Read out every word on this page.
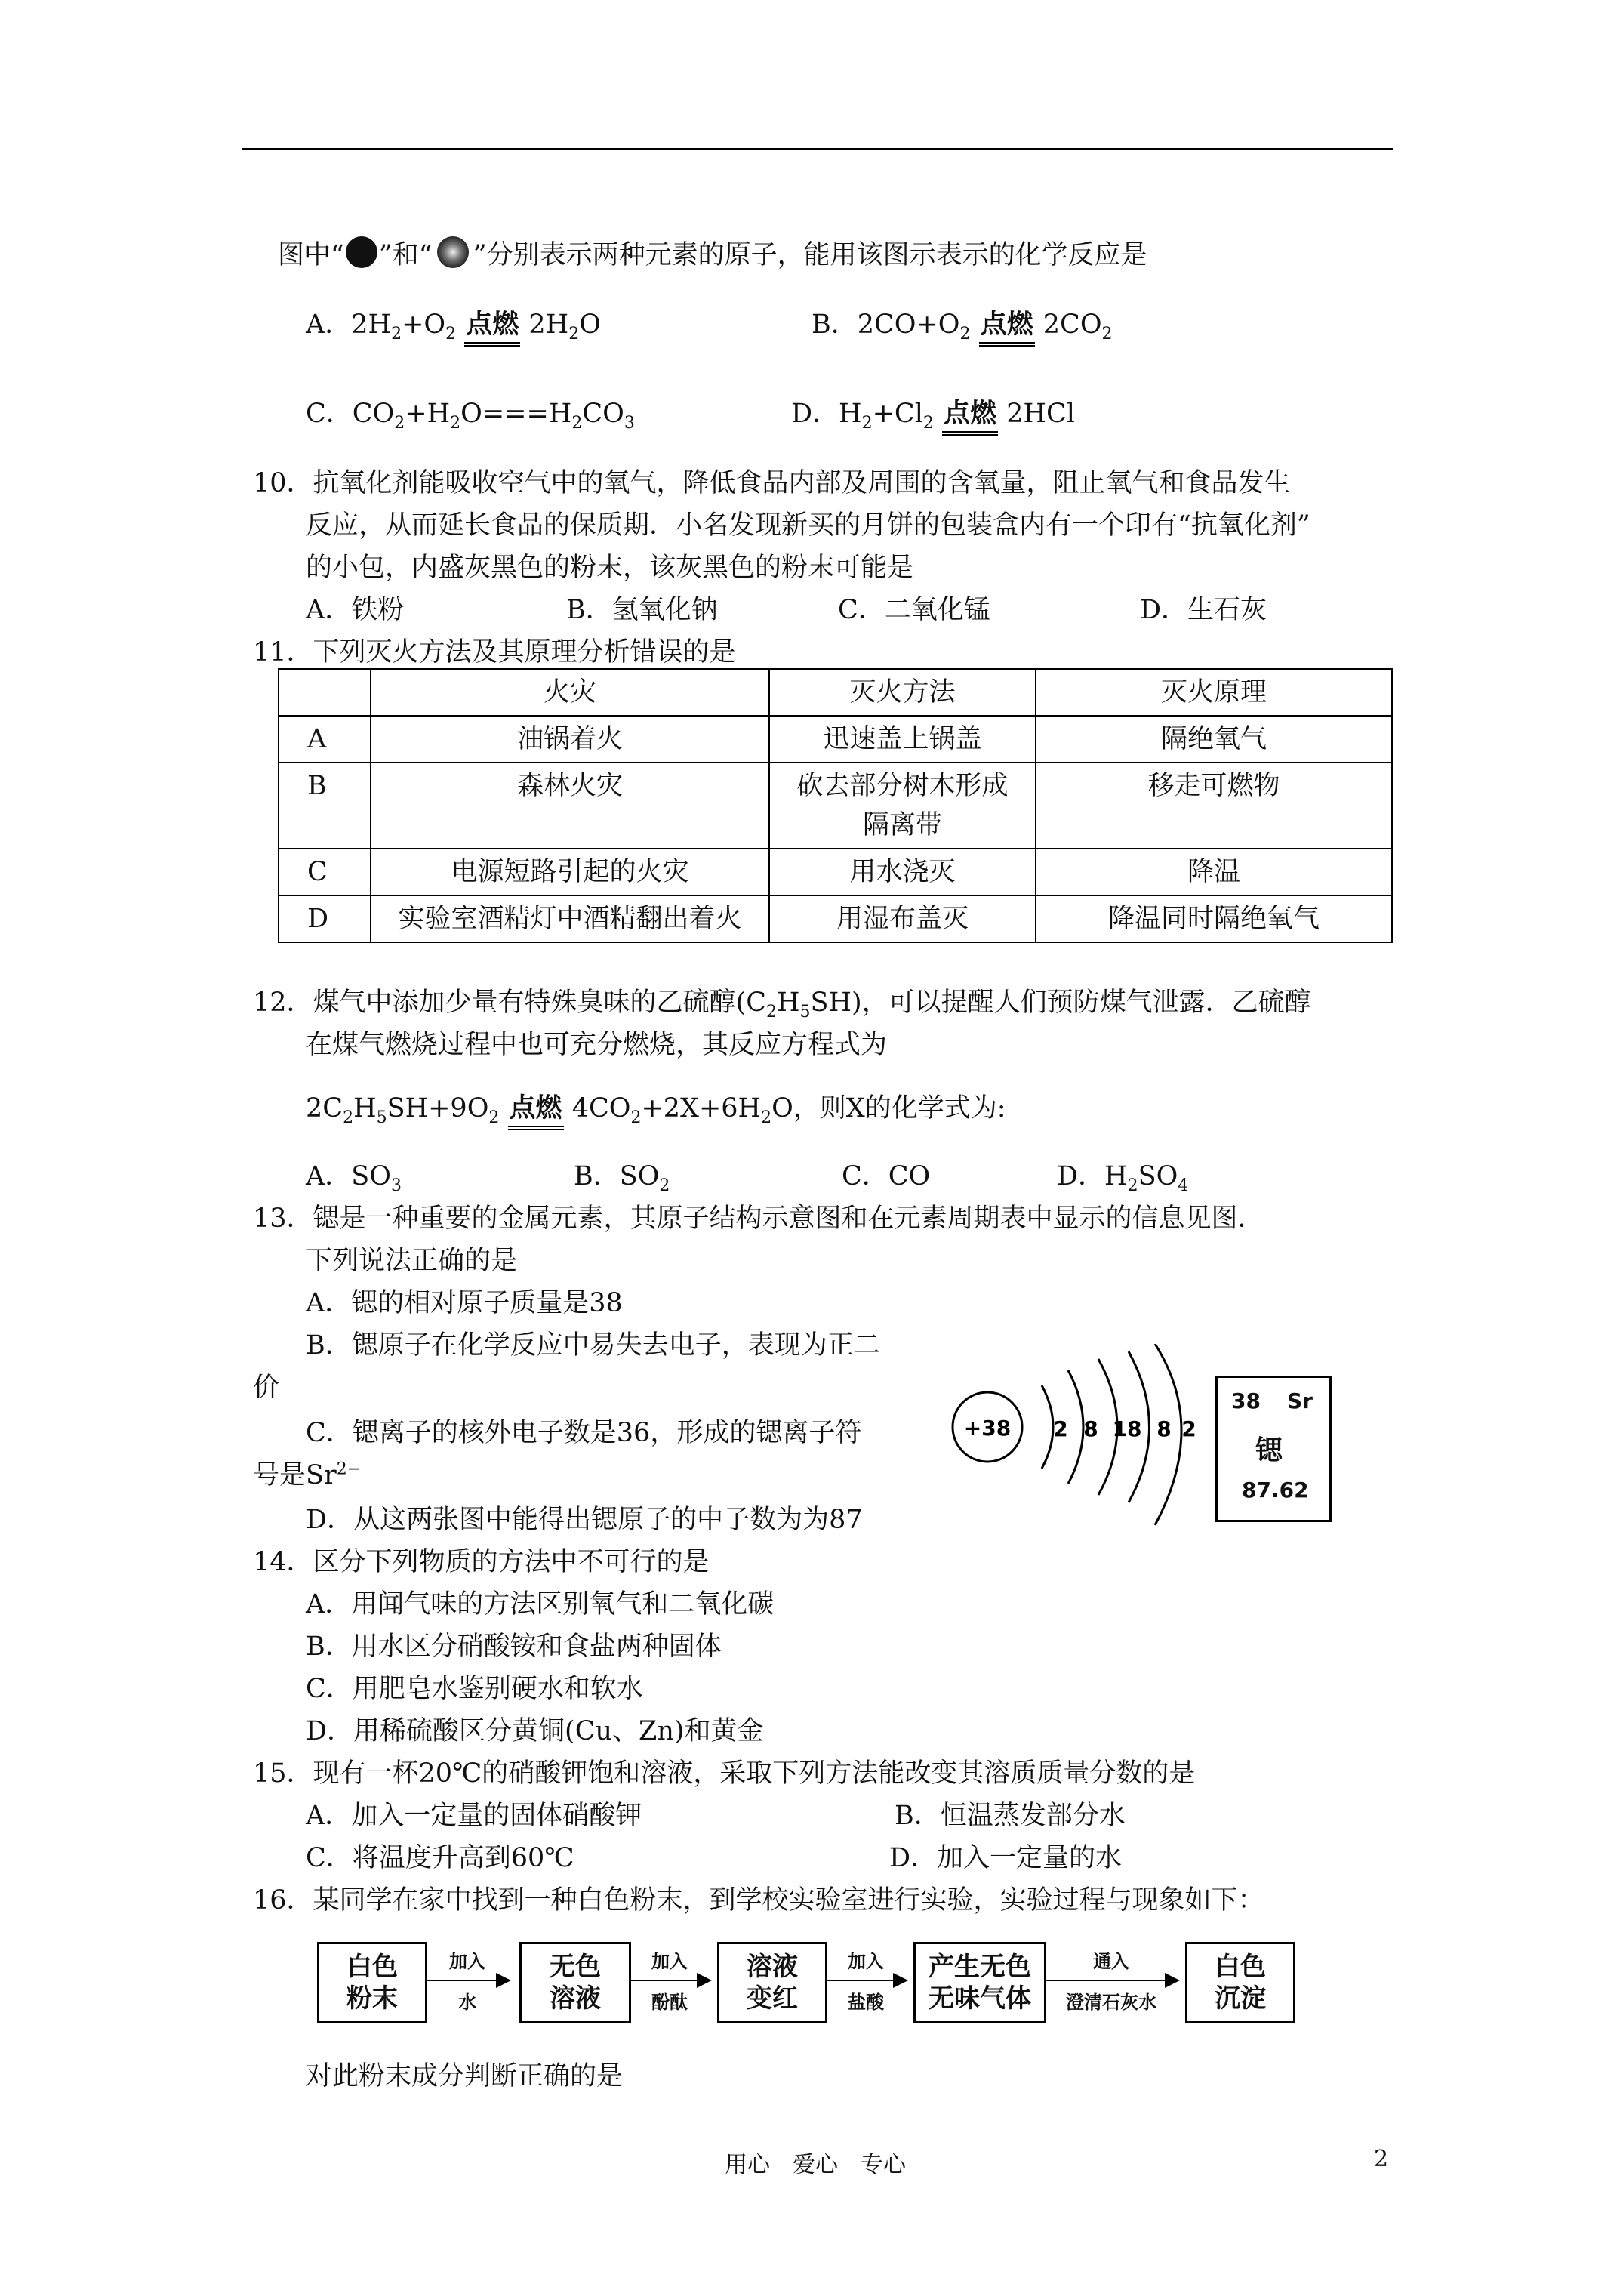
图中“ ”和“ ”分别表示两种元素的原子，能用该图示表示的化学反应是
A．$2H_2+O_2$ 点燃 $2H_2O$	B．$2CO+O_2$ 点燃 $2CO_2$
C．$CO_2+H_2O===H_2CO_3$	D．$H_2+Cl_2$ 点燃 2HCl
10．抗氧化剂能吸收空气中的氧气，降低食品内部及周围的含氧量，阻止氧气和食品发生
反应，从而延长食品的保质期．小名发现新买的月饼的包装盒内有一个印有“抗氧化剂”
的小包，内盛灰黑色的粉末，该灰黑色的粉末可能是
A．铁粉	B．氢氧化钠	C．二氧化锰	D．生石灰
11．下列灭火方法及其原理分析错误的是
	火灾	灭火方法	灭火原理
A	油锅着火	迅速盖上锅盖	隔绝氧气
B	森林火灾	砍去部分树木形成隔离带	移走可燃物
C	电源短路引起的火灾	用水浇灭	降温
D	实验室酒精灯中酒精翻出着火	用湿布盖灭	降温同时隔绝氧气
12．煤气中添加少量有特殊臭味的乙硫醇$(C_2H_5SH)$，可以提醒人们预防煤气泄露．乙硫醇
在煤气燃烧过程中也可充分燃烧，其反应方程式为
$2C_2H_5SH+9O_2$ 点燃 $4CO_2+2X+6H_2O$，则X的化学式为:
A．$SO_3$	B．$SO_2$	C．CO	D．$H_2SO_4$
13．锶是一种重要的金属元素，其原子结构示意图和在元素周期表中显示的信息见图．
下列说法正确的是
A．锶的相对原子质量是38
B．锶原子在化学反应中易失去电子，表现为正二
价
C．锶离子的核外电子数是36，形成的锶离子符
号是$Sr^{2-}$
D．从这两张图中能得出锶原子的中子数为为87
+38 2 8 18 8 2
38 Sr
锶
87.62
14．区分下列物质的方法中不可行的是
A．用闻气味的方法区别氧气和二氧化碳
B．用水区分硝酸铵和食盐两种固体
C．用肥皂水鉴别硬水和软水
D．用稀硫酸区分黄铜(Cu、Zn)和黄金
15．现有一杯20℃的硝酸钾饱和溶液，采取下列方法能改变其溶质质量分数的是
A．加入一定量的固体硝酸钾	B．恒温蒸发部分水
C．将温度升高到60℃	D．加入一定量的水
16．某同学在家中找到一种白色粉末，到学校实验室进行实验，实验过程与现象如下：
白色
粉末
加入
水
无色
溶液
加入
酚酞
溶液
变红
加入
盐酸
产生无色
无味气体
通入
澄清石灰水
白色
沉淀
对此粉末成分判断正确的是
用心　爱心　专心	2
